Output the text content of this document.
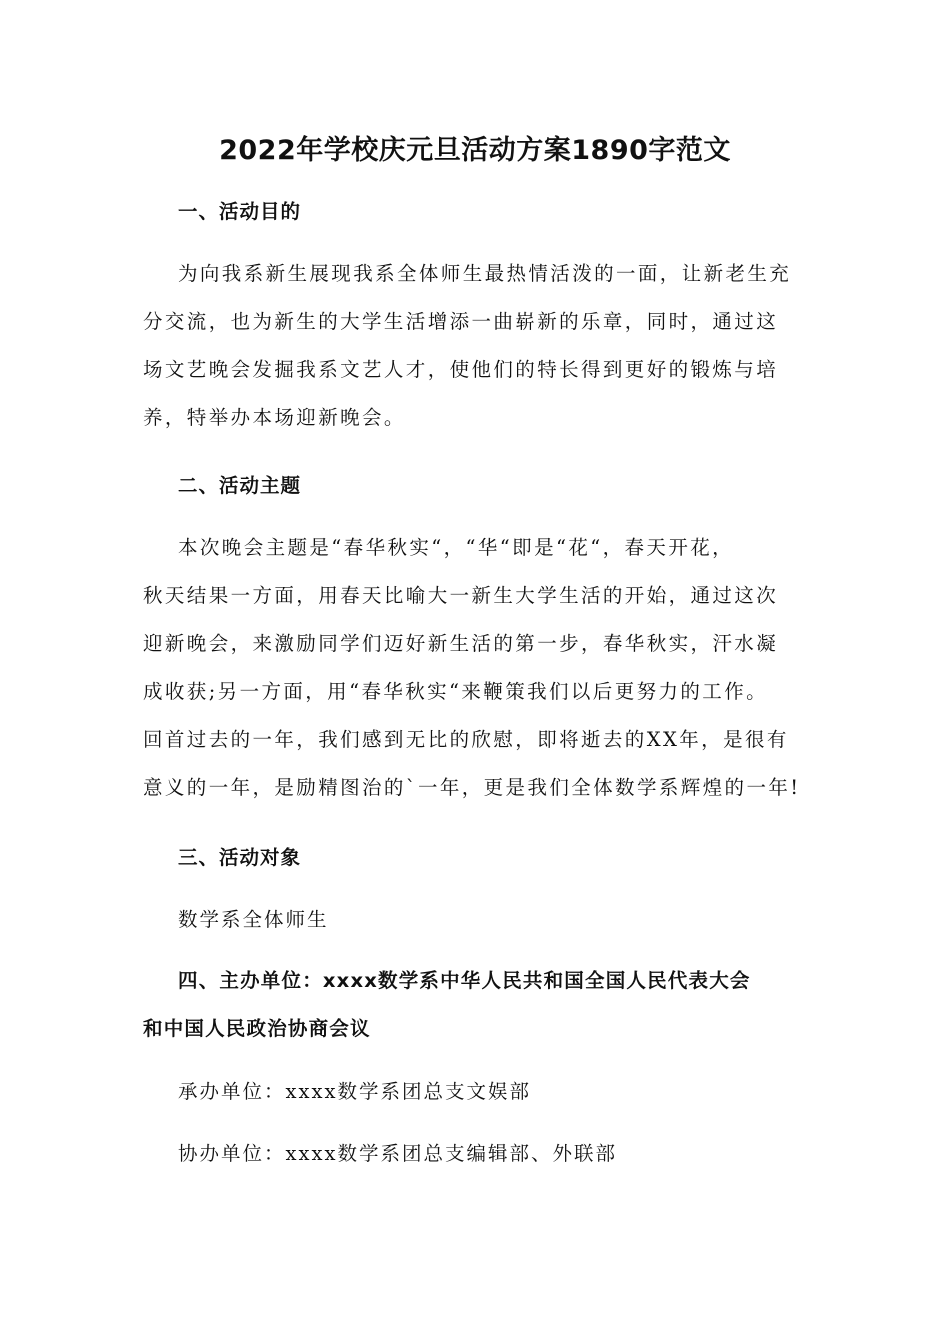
2022年学校庆元旦活动方案1890字范文
一、活动目的
为向我系新生展现我系全体师生最热情活泼的一面，让新老生充
分交流，也为新生的大学生活增添一曲崭新的乐章，同时，通过这
场文艺晚会发掘我系文艺人才，使他们的特长得到更好的锻炼与培
养，特举办本场迎新晚会。
二、活动主题
本次晚会主题是“春华秋实“，“华“即是“花“，春天开花，
秋天结果一方面，用春天比喻大一新生大学生活的开始，通过这次
迎新晚会，来激励同学们迈好新生活的第一步，春华秋实，汗水凝
成收获;另一方面，用“春华秋实“来鞭策我们以后更努力的工作。
回首过去的一年，我们感到无比的欣慰，即将逝去的XX年，是很有
意义的一年，是励精图治的`一年，更是我们全体数学系辉煌的一年!
三、活动对象
数学系全体师生
四、主办单位：xxxx数学系中华人民共和国全国人民代表大会
和中国人民政治协商会议
承办单位：xxxx数学系团总支文娱部
协办单位：xxxx数学系团总支编辑部、外联部
